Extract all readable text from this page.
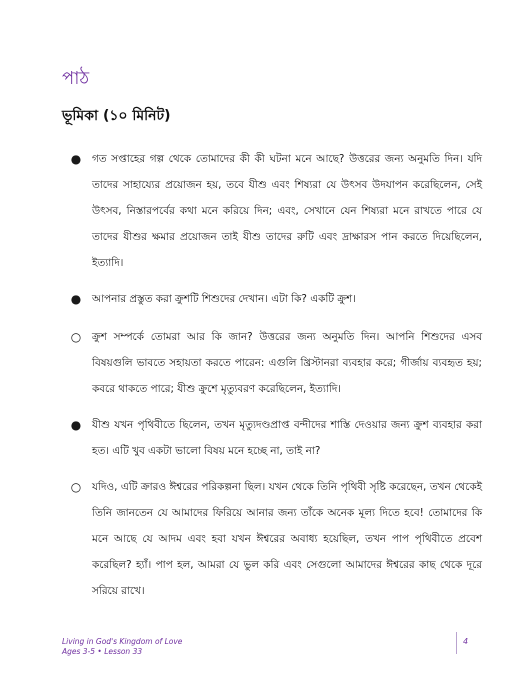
পাঠ
ভূমিকা (১০ মিনিট)
● গত সপ্তাহের গল্প থেকে তোমাদের কী কী ঘটনা মনে আছে? উত্তরের জন্য অনুমতি দিন। যদি তাদের সাহায্যের প্রয়োজন হয়, তবে যীশু এবং শিষ্যরা যে উৎসব উদযাপন করেছিলেন, সেই উৎসব, নিস্তারপর্বের কথা মনে করিয়ে দিন; এবং, সেখানে যেন শিষ্যরা মনে রাখতে পারে যে তাদের যীশুর ক্ষমার প্রয়োজন তাই যীশু তাদের রুটি এবং দ্রাক্ষারস পান করতে দিয়েছিলেন, ইত্যাদি।
● আপনার প্রস্তুত করা ক্রুশটি শিশুদের দেখান। এটা কি? একটি ক্রুশ।
○ ক্রুশ সম্পর্কে তোমরা আর কি জান? উত্তরের জন্য অনুমতি দিন। আপনি শিশুদের এসব বিষয়গুলি ভাবতে সহায়তা করতে পারেন: এগুলি খ্রিস্টানরা ব্যবহার করে; গীর্জায় ব্যবহৃত হয়; কবরে থাকতে পারে; যীশু ক্রুশে মৃত্যুবরণ করেছিলেন, ইত্যাদি।
● যীশু যখন পৃথিবীতে ছিলেন, তখন মৃত্যুদণ্ডপ্রাপ্ত বন্দীদের শাস্তি দেওয়ার জন্য ক্রুশ ব্যবহার করা হত। এটি খুব একটা ভালো বিষয় মনে হচ্ছে না, তাই না?
○ যদিও, এটি ক্রারও ঈশ্বরের পরিকল্পনা ছিল। যখন থেকে তিনি পৃথিবী সৃষ্টি করেছেন, তখন থেকেই তিনি জানতেন যে আমাদের ফিরিয়ে আনার জন্য তাঁকে অনেক মূল্য দিতে হবে! তোমাদের কি মনে আছে যে আদম এবং হবা যখন ঈশ্বরের অবাধ্য হয়েছিল, তখন পাপ পৃথিবীতে প্রবেশ করেছিল? হ্যাঁ। পাপ হল, আমরা যে ভুল করি এবং সেগুলো আমাদের ঈশ্বরের কাছ থেকে দূরে সরিয়ে রাখে।
Living in God's Kingdom of Love
Ages 3-5 • Lesson 33
4
